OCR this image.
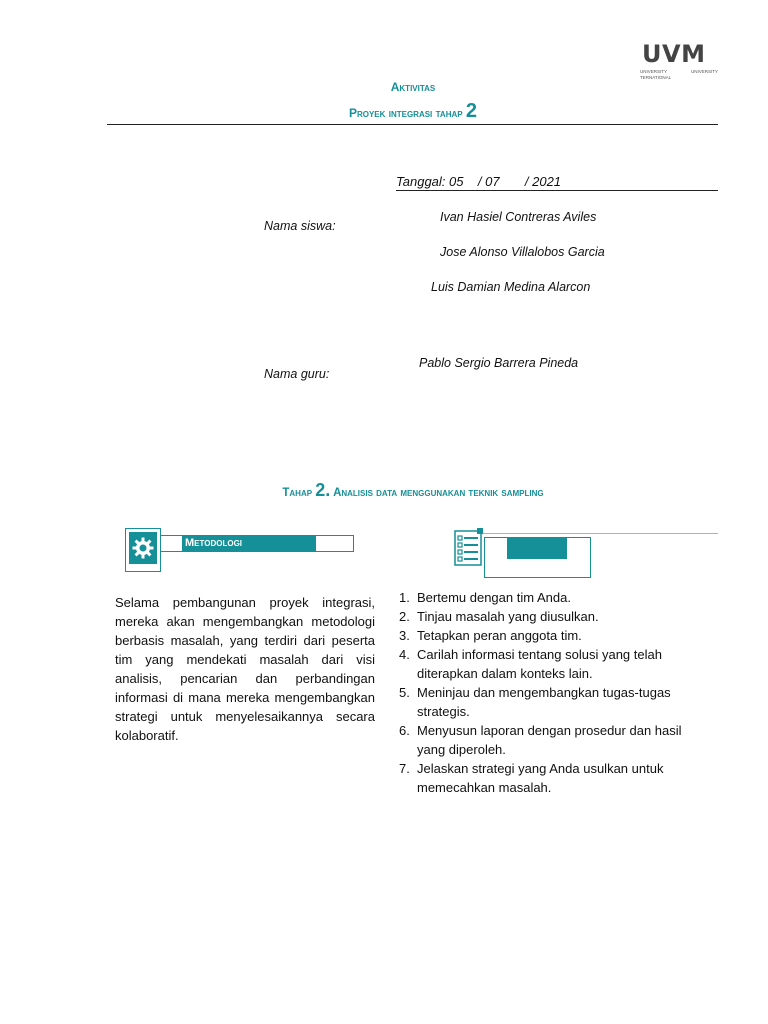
UVM
UNIVERSITY	UNIVERSITY
TERNATIONAL
Aktivitas
Proyek integrasi tahap 2
Tanggal: 05    / 07       / 2021
Nama siswa:
Ivan Hasiel Contreras Aviles
Jose Alonso Villalobos Garcia
Luis Damian Medina Alarcon
Nama guru:
Pablo Sergio Barrera Pineda
Tahap 2. Analisis data menggunakan teknik sampling
Metodologi
Selama pembangunan proyek integrasi, mereka akan mengembangkan metodologi berbasis masalah, yang terdiri dari peserta tim yang mendekati masalah dari visi analisis, pencarian dan perbandingan informasi di mana mereka mengembangkan strategi untuk menyelesaikannya secara kolaboratif.
1. Bertemu dengan tim Anda.
2. Tinjau masalah yang diusulkan.
3. Tetapkan peran anggota tim.
4. Carilah informasi tentang solusi yang telah diterapkan dalam konteks lain.
5. Meninjau dan mengembangkan tugas-tugas strategis.
6. Menyusun laporan dengan prosedur dan hasil yang diperoleh.
7. Jelaskan strategi yang Anda usulkan untuk memecahkan masalah.
